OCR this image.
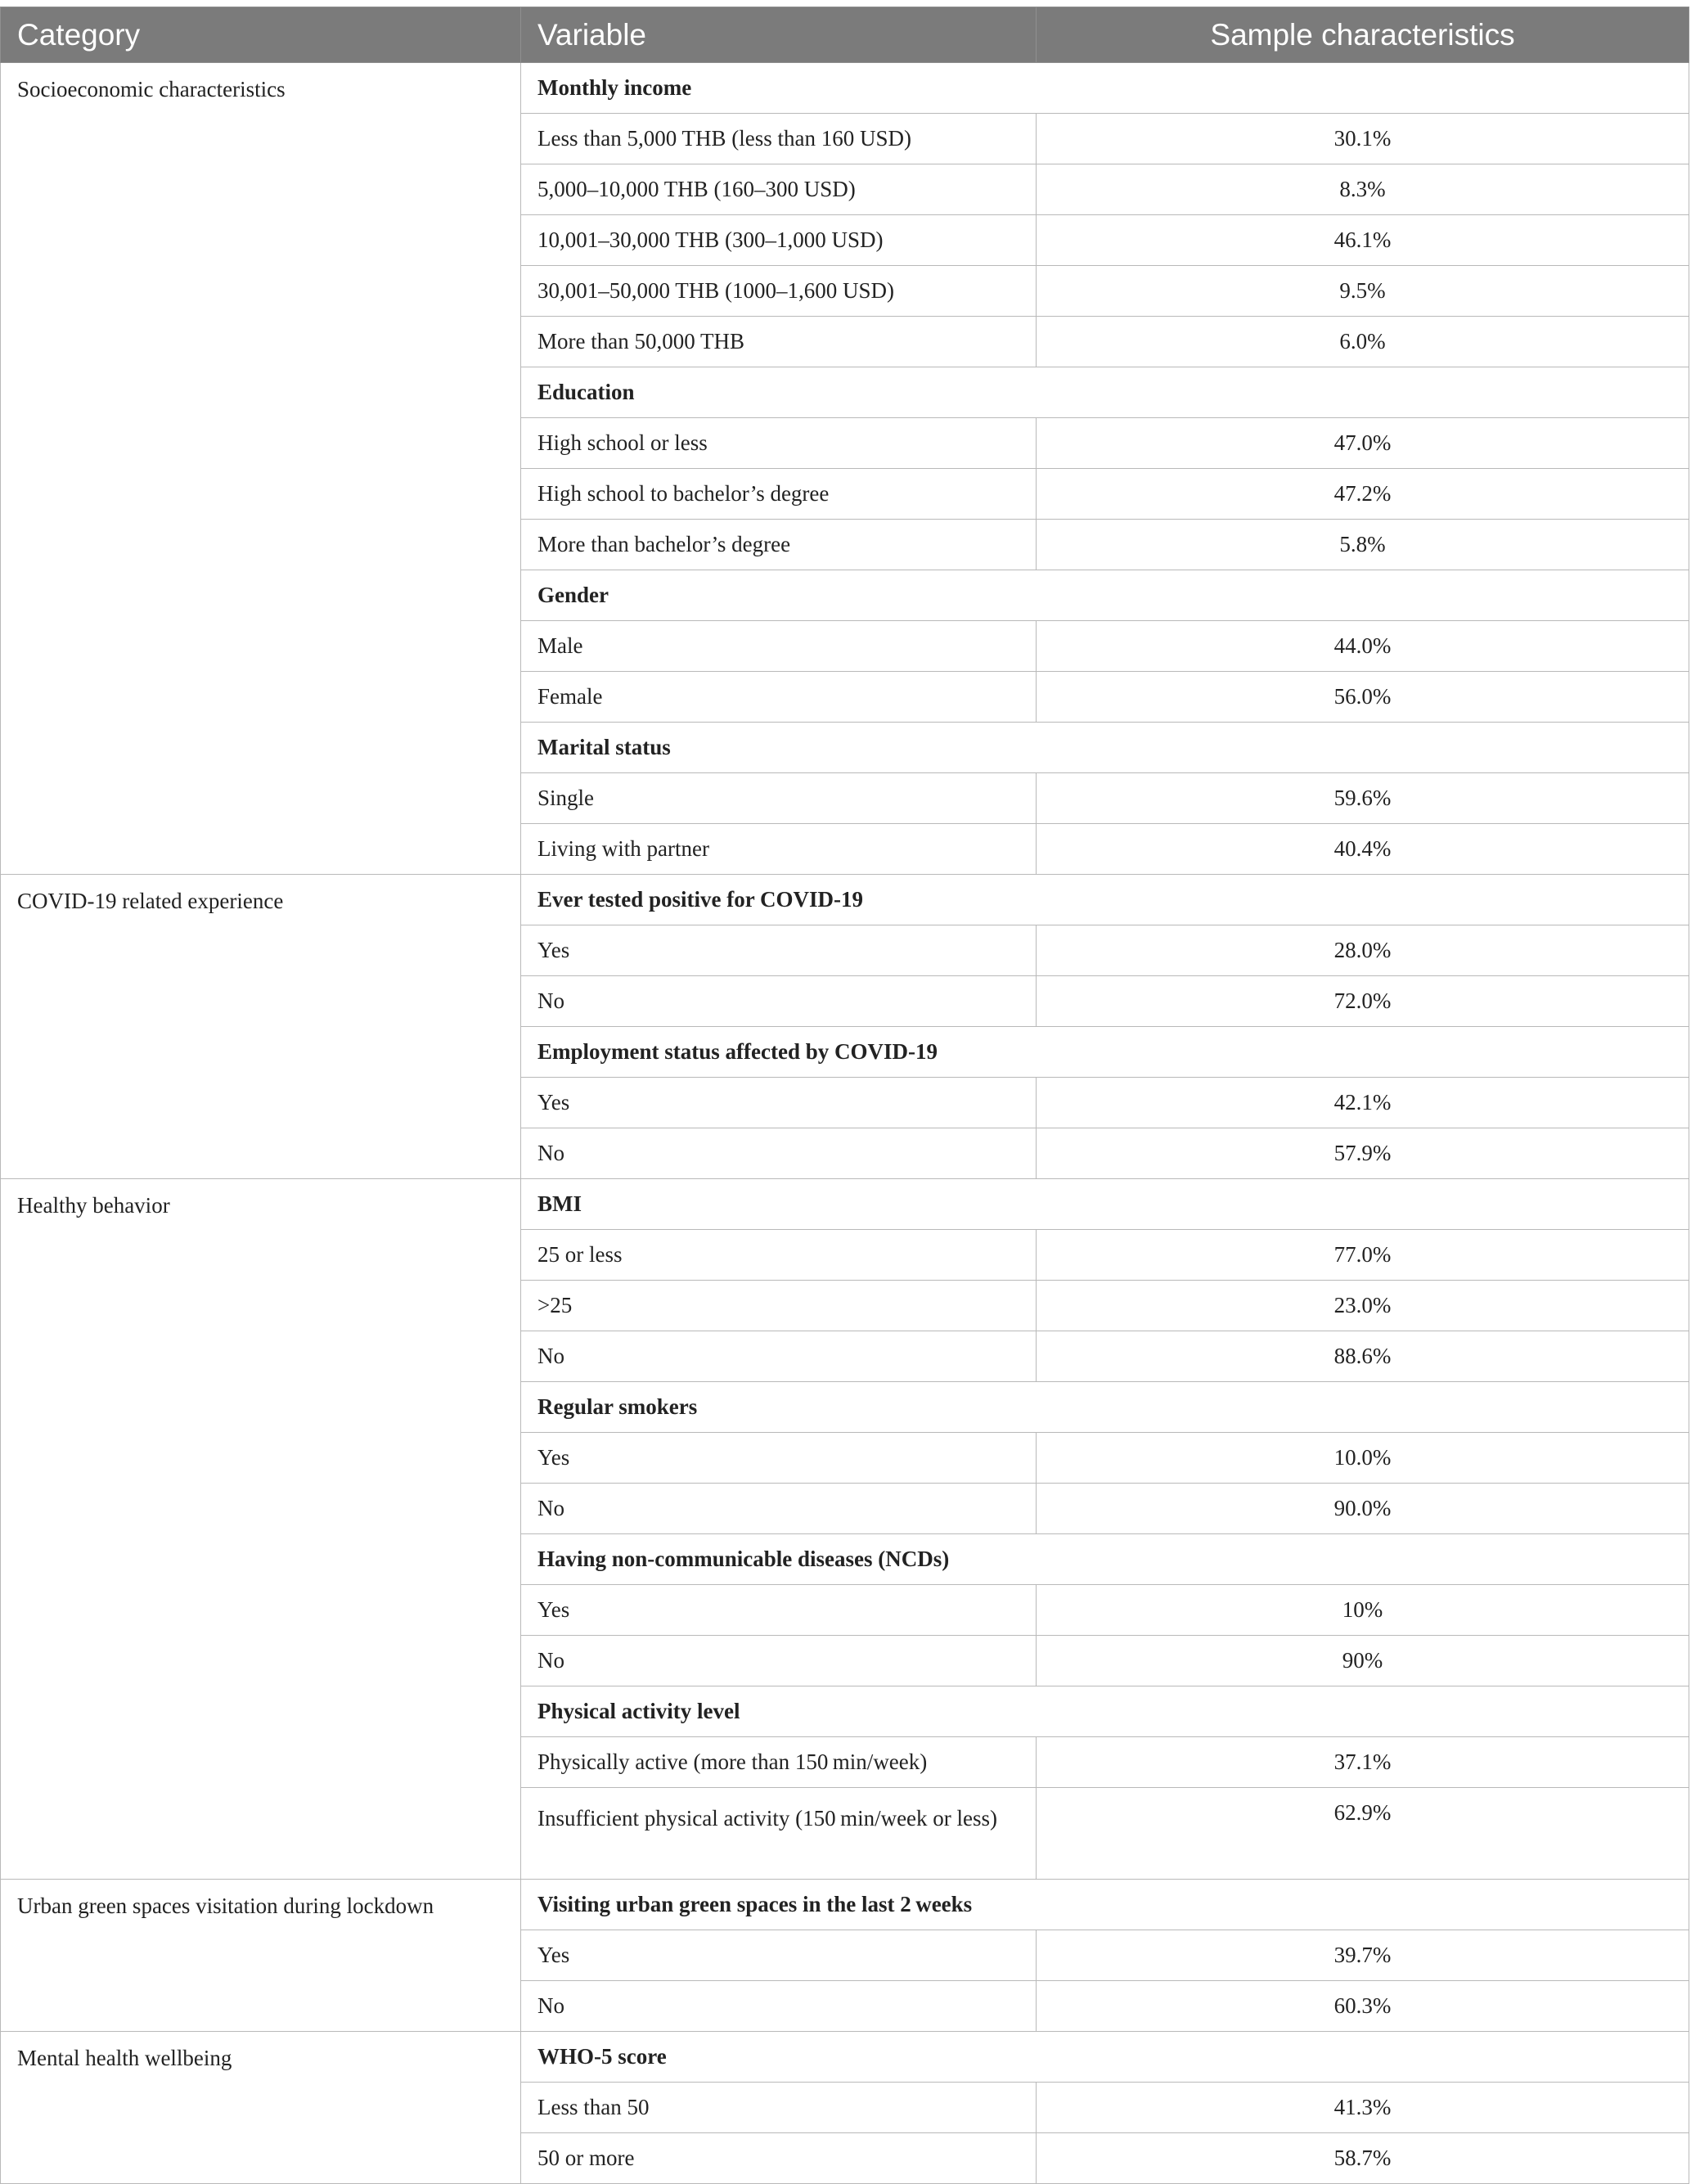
Category	Variable	Sample characteristics
Socioeconomic characteristics	Monthly income	
	Less than 5,000 THB (less than 160 USD)	30.1%
	5,000–10,000 THB (160–300 USD)	8.3%
	10,001–30,000 THB (300–1,000 USD)	46.1%
	30,001–50,000 THB (1000–1,600 USD)	9.5%
	More than 50,000 THB	6.0%
	Education	
	High school or less	47.0%
	High school to bachelor’s degree	47.2%
	More than bachelor’s degree	5.8%
	Gender	
	Male	44.0%
	Female	56.0%
	Marital status	
	Single	59.6%
	Living with partner	40.4%
COVID-19 related experience	Ever tested positive for COVID-19	
	Yes	28.0%
	No	72.0%
	Employment status affected by COVID-19	
	Yes	42.1%
	No	57.9%
Healthy behavior	BMI	
	25 or less	77.0%
	>25	23.0%
	No	88.6%
	Regular smokers	
	Yes	10.0%
	No	90.0%
	Having non-communicable diseases (NCDs)	
	Yes	10%
	No	90%
	Physical activity level	
	Physically active (more than 150 min/week)	37.1%
	Insufficient physical activity (150 min/week or less)	62.9%
Urban green spaces visitation during lockdown	Visiting urban green spaces in the last 2 weeks	
	Yes	39.7%
	No	60.3%
Mental health wellbeing	WHO-5 score	
	Less than 50	41.3%
	50 or more	58.7%
